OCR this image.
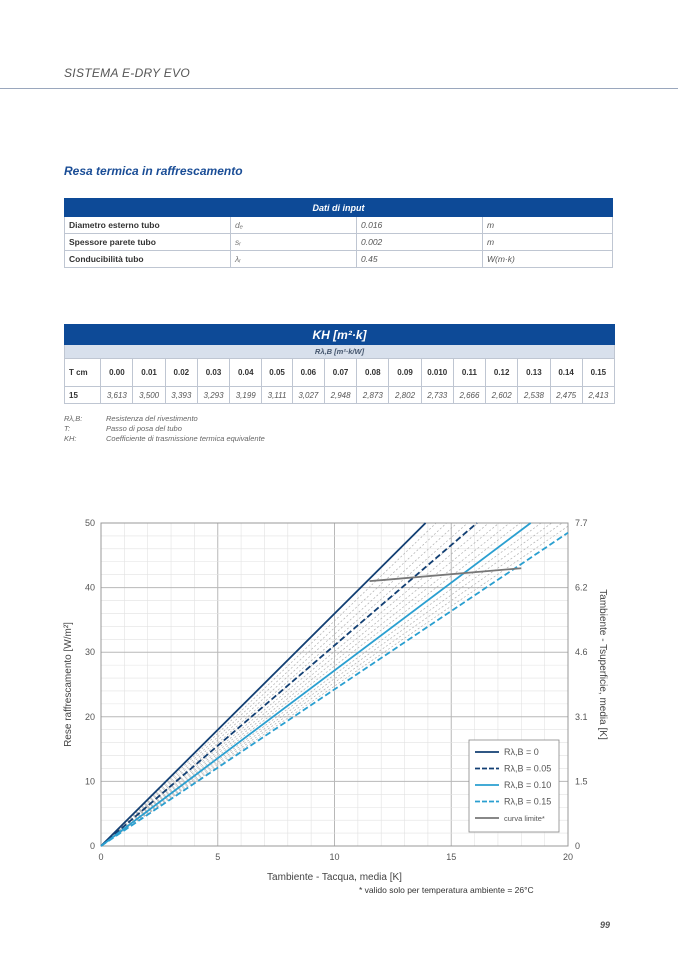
SISTEMA E-DRY EVO
Resa termica in raffrescamento
Dati di input			
Diametro esterno tubo	dₑ	0.016	m
Spessore parete tubo	sᵣ	0.002	m
Conducibilità tubo	λᵣ	0.45	W(m·k)
KH [m²·k]																
Rλ,B [m²·k/W]																
T cm	0.00	0.01	0.02	0.03	0.04	0.05	0.06	0.07	0.08	0.09	0.010	0.11	0.12	0.13	0.14	0.15
15	3,613	3,500	3,393	3,293	3,199	3,111	3,027	2,948	2,873	2,802	2,733	2,666	2,602	2,538	2,475	2,413
Rλ,B:	Resistenza del rivestimento
T:	Passo di posa del tubo
KH:	Coefficiente di trasmissione termica equivalente
0	5	10	15	20
0
10
20
30
40
50
0
1.5
3.1
4.6
6.2
7.7
Tambiente - Tacqua, media [K]
Rese raffrescamento [W/m²]	Tambiente - Tsuperficie, media [K]
Rλ,B = 0
Rλ,B = 0.05
Rλ,B = 0.10
Rλ,B = 0.15
curva limite*
* valido solo per temperatura ambiente = 26°C
99
